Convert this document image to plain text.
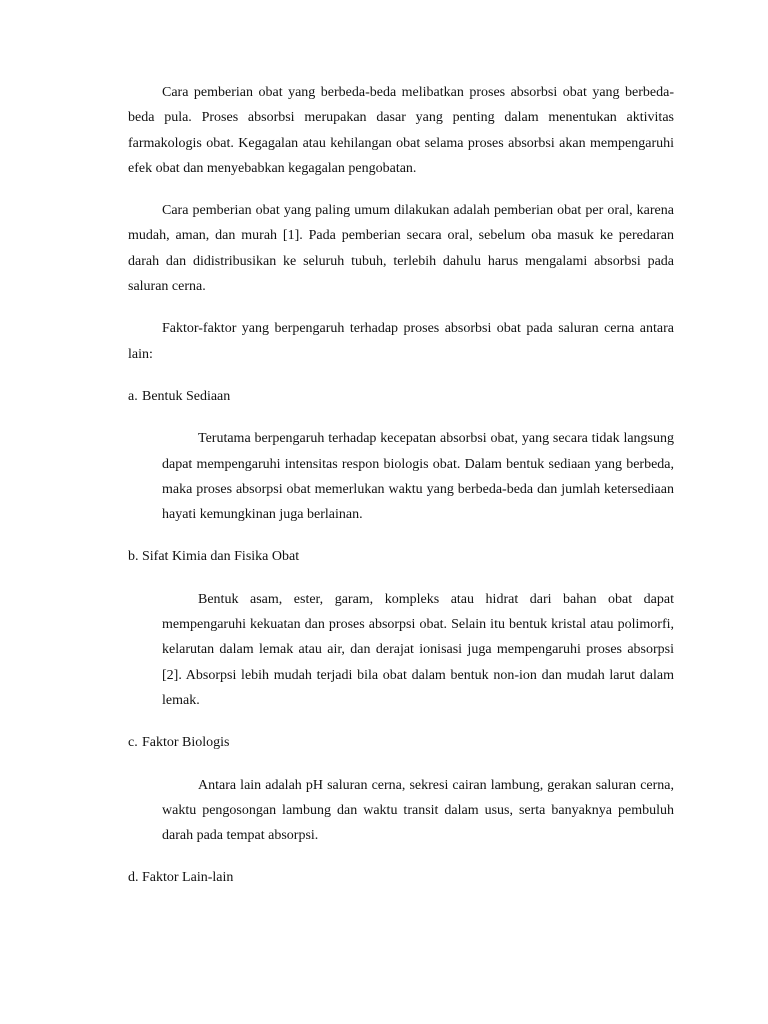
Cara pemberian obat yang berbeda-beda melibatkan proses absorbsi obat yang berbeda-beda pula. Proses absorbsi merupakan dasar yang penting dalam menentukan aktivitas farmakologis obat. Kegagalan atau kehilangan obat selama proses absorbsi akan mempengaruhi efek obat dan menyebabkan kegagalan pengobatan.

Cara pemberian obat yang paling umum dilakukan adalah pemberian obat per oral, karena mudah, aman, dan murah [1]. Pada pemberian secara oral, sebelum oba masuk ke peredaran darah dan didistribusikan ke seluruh tubuh, terlebih dahulu harus mengalami absorbsi pada saluran cerna.

Faktor-faktor yang berpengaruh terhadap proses absorbsi obat pada saluran cerna antara lain:

a. Bentuk Sediaan

Terutama berpengaruh terhadap kecepatan absorbsi obat, yang secara tidak langsung dapat mempengaruhi intensitas respon biologis obat. Dalam bentuk sediaan yang berbeda, maka proses absorpsi obat memerlukan waktu yang berbeda-beda dan jumlah ketersediaan hayati kemungkinan juga berlainan.

b. Sifat Kimia dan Fisika Obat

Bentuk asam, ester, garam, kompleks atau hidrat dari bahan obat dapat mempengaruhi kekuatan dan proses absorpsi obat. Selain itu bentuk kristal atau polimorfi, kelarutan dalam lemak atau air, dan derajat ionisasi juga mempengaruhi proses absorpsi [2]. Absorpsi lebih mudah terjadi bila obat dalam bentuk non-ion dan mudah larut dalam lemak.

c. Faktor Biologis

Antara lain adalah pH saluran cerna, sekresi cairan lambung, gerakan saluran cerna, waktu pengosongan lambung dan waktu transit dalam usus, serta banyaknya pembuluh darah pada tempat absorpsi.

d. Faktor Lain-lain
